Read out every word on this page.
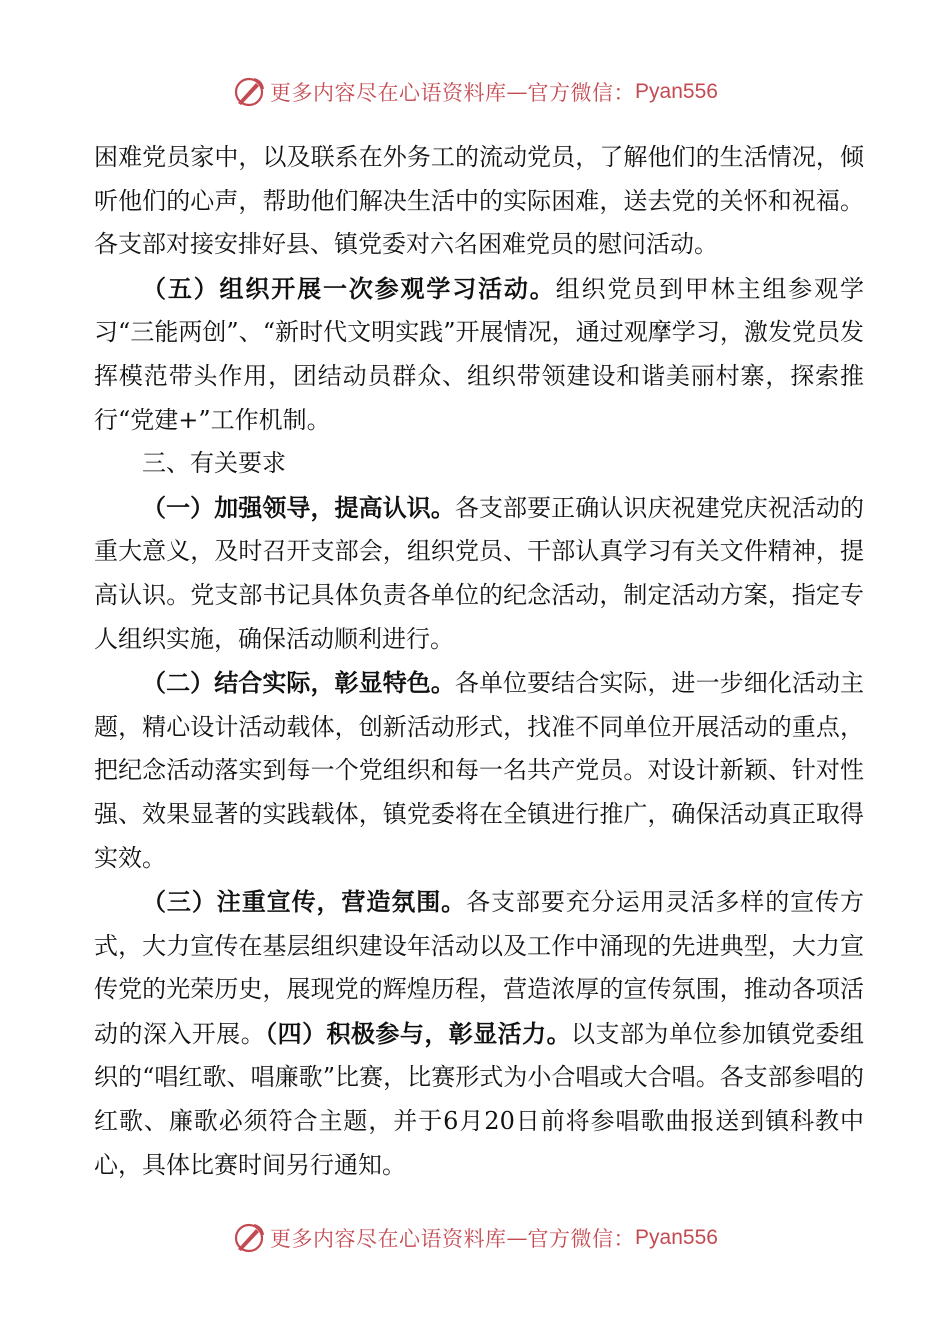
更多内容尽在心语资料库 — 官方微信： Pyan556

困难党员家中，以及联系在外务工的流动党员，了解他们的生活情况，倾听他们的心声，帮助他们解决生活中的实际困难，送去党的关怀和祝福。各支部对接安排好县、镇党委对六名困难党员的慰问活动。

（五）组织开展一次参观学习活动。组织党员到甲林主组参观学习“三能两创”、“新时代文明实践”开展情况，通过观摩学习，激发党员发挥模范带头作用，团结动员群众、组织带领建设和谐美丽村寨，探索推行“党建+”工作机制。

三、有关要求

（一）加强领导，提高认识。各支部要正确认识庆祝建党庆祝活动的重大意义，及时召开支部会，组织党员、干部认真学习有关文件精神，提高认识。党支部书记具体负责各单位的纪念活动，制定活动方案，指定专人组织实施，确保活动顺利进行。

（二）结合实际，彰显特色。各单位要结合实际，进一步细化活动主题，精心设计活动载体，创新活动形式，找准不同单位开展活动的重点，把纪念活动落实到每一个党组织和每一名共产党员。对设计新颖、针对性强、效果显著的实践载体，镇党委将在全镇进行推广，确保活动真正取得实效。

（三）注重宣传，营造氛围。各支部要充分运用灵活多样的宣传方式，大力宣传在基层组织建设年活动以及工作中涌现的先进典型，大力宣传党的光荣历史，展现党的辉煌历程，营造浓厚的宣传氛围，推动各项活动的深入开展。（四）积极参与，彰显活力。以支部为单位参加镇党委组织的“唱红歌、唱廉歌”比赛，比赛形式为小合唱或大合唱。各支部参唱的红歌、廉歌必须符合主题，并于6月20日前将参唱歌曲报送到镇科教中心，具体比赛时间另行通知。

更多内容尽在心语资料库 — 官方微信： Pyan556
